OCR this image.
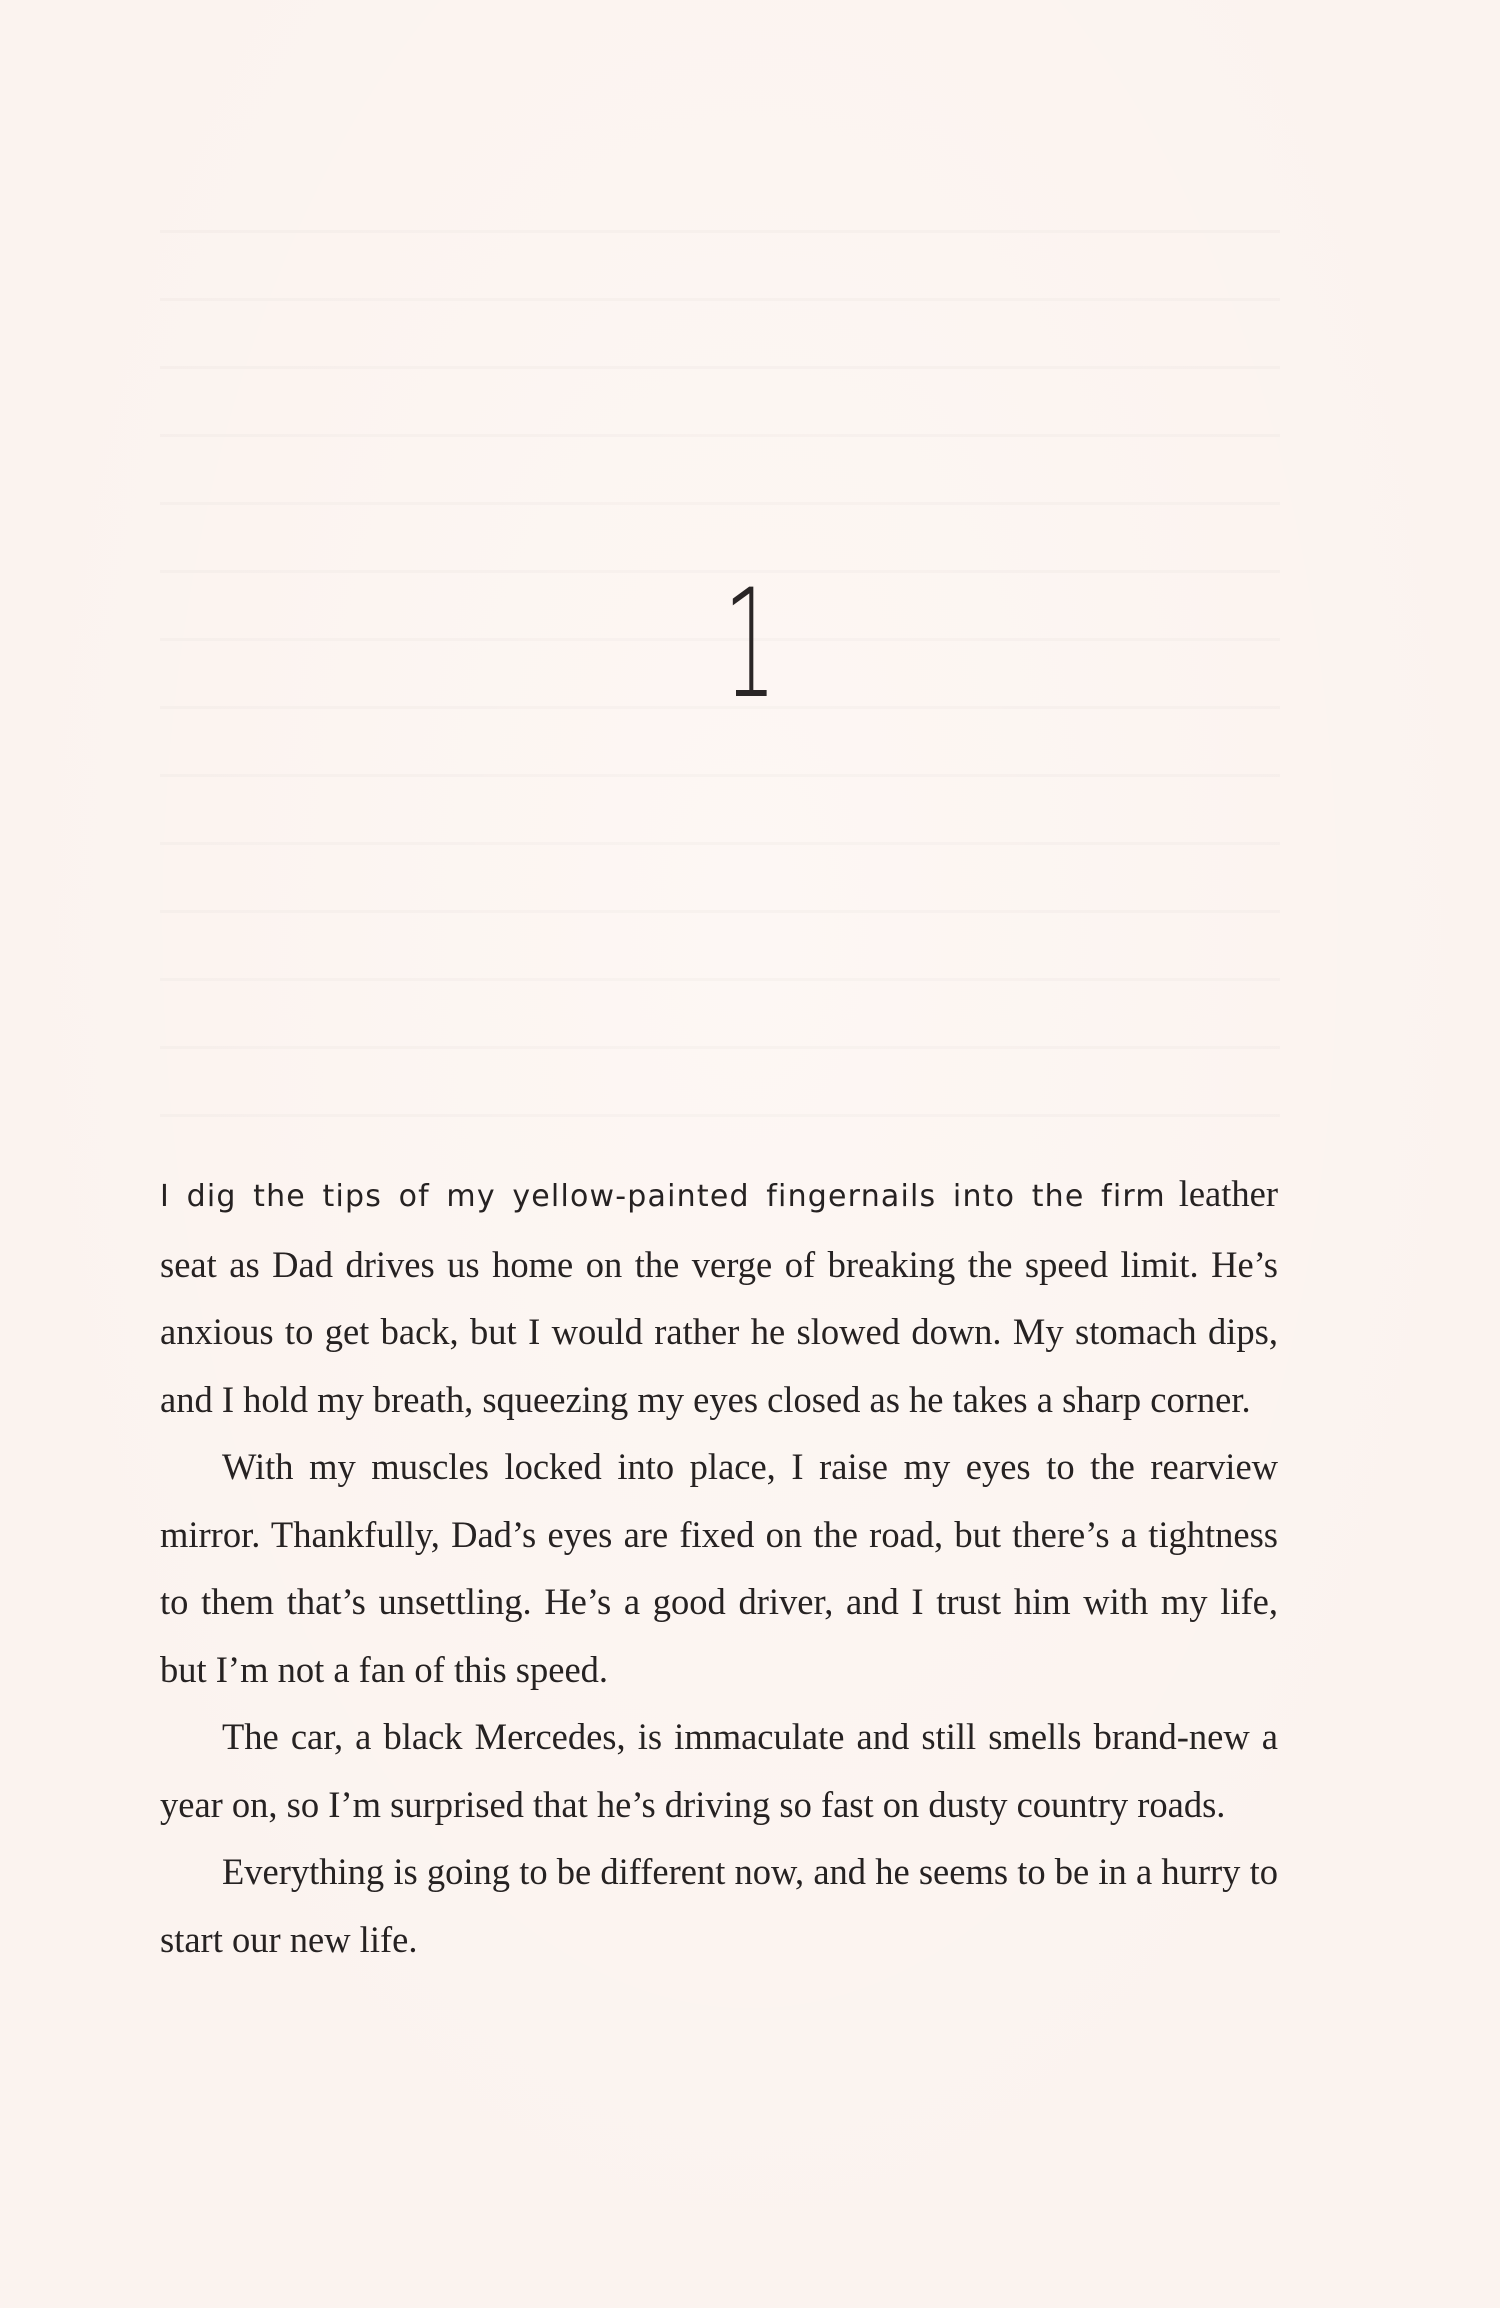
1

I dig the tips of my yellow-painted fingernails into the firm leather seat as Dad drives us home on the verge of breaking the speed limit. He’s anxious to get back, but I would rather he slowed down. My stomach dips, and I hold my breath, squeezing my eyes closed as he takes a sharp corner.

With my muscles locked into place, I raise my eyes to the rearview mirror. Thankfully, Dad’s eyes are fixed on the road, but there’s a tightness to them that’s unsettling. He’s a good driver, and I trust him with my life, but I’m not a fan of this speed.

The car, a black Mercedes, is immaculate and still smells brand-new a year on, so I’m surprised that he’s driving so fast on dusty country roads.

Everything is going to be different now, and he seems to be in a hurry to start our new life.
